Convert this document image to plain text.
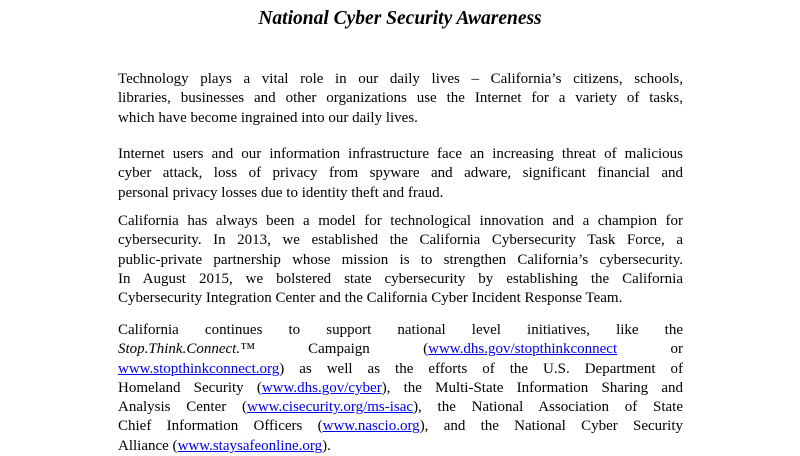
National Cyber Security Awareness
Technology plays a vital role in our daily lives – California’s citizens, schools,
libraries, businesses and other organizations use the Internet for a variety of tasks,
which have become ingrained into our daily lives.
Internet users and our information infrastructure face an increasing threat of malicious
cyber attack, loss of privacy from spyware and adware, significant financial and
personal privacy losses due to identity theft and fraud.
California has always been a model for technological innovation and a champion for
cybersecurity. In 2013, we established the California Cybersecurity Task Force, a
public-private partnership whose mission is to strengthen California’s cybersecurity.
In August 2015, we bolstered state cybersecurity by establishing the California
Cybersecurity Integration Center and the California Cyber Incident Response Team.
California continues to support national level initiatives, like the
Stop.Think.Connect.™	Campaign	(www.dhs.gov/stopthinkconnect	or
www.stopthinkconnect.org) as well as the efforts of the U.S. Department of
Homeland Security (www.dhs.gov/cyber), the Multi-State Information Sharing and
Analysis Center (www.cisecurity.org/ms-isac), the National Association of State
Chief Information Officers (www.nascio.org), and the National Cyber Security
Alliance (www.staysafeonline.org).
